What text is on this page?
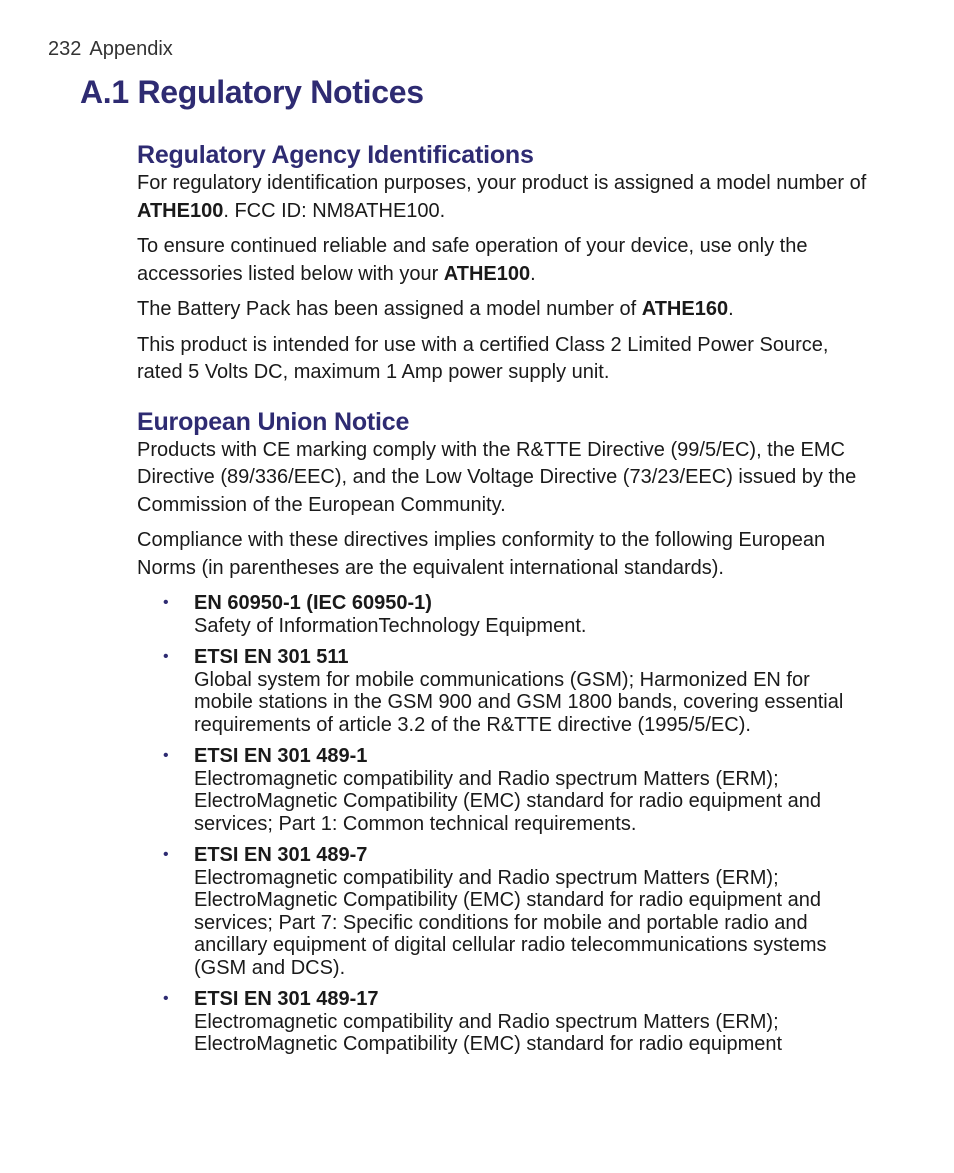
232 Appendix
A.1 Regulatory Notices
Regulatory Agency Identifications

For regulatory identification purposes, your product is assigned a model number of ATHE100. FCC ID: NM8ATHE100.

To ensure continued reliable and safe operation of your device, use only the accessories listed below with your ATHE100.

The Battery Pack has been assigned a model number of ATHE160.

This product is intended for use with a certified Class 2 Limited Power Source, rated 5 Volts DC, maximum 1 Amp power supply unit.

European Union Notice

Products with CE marking comply with the R&TTE Directive (99/5/EC), the EMC Directive (89/336/EEC), and the Low Voltage Directive (73/23/EEC) issued by the Commission of the European Community.

Compliance with these directives implies conformity to the following European Norms (in parentheses are the equivalent international standards).

• EN 60950-1 (IEC 60950-1)
Safety of InformationTechnology Equipment.
• ETSI EN 301 511
Global system for mobile communications (GSM); Harmonized EN for mobile stations in the GSM 900 and GSM 1800 bands, covering essential requirements of article 3.2 of the R&TTE directive (1995/5/EC).
• ETSI EN 301 489-1
Electromagnetic compatibility and Radio spectrum Matters (ERM); ElectroMagnetic Compatibility (EMC) standard for radio equipment and services; Part 1: Common technical requirements.
• ETSI EN 301 489-7
Electromagnetic compatibility and Radio spectrum Matters (ERM); ElectroMagnetic Compatibility (EMC) standard for radio equipment and services; Part 7: Specific conditions for mobile and portable radio and ancillary equipment of digital cellular radio telecommunications systems (GSM and DCS).
• ETSI EN 301 489-17
Electromagnetic compatibility and Radio spectrum Matters (ERM); ElectroMagnetic Compatibility (EMC) standard for radio equipment
